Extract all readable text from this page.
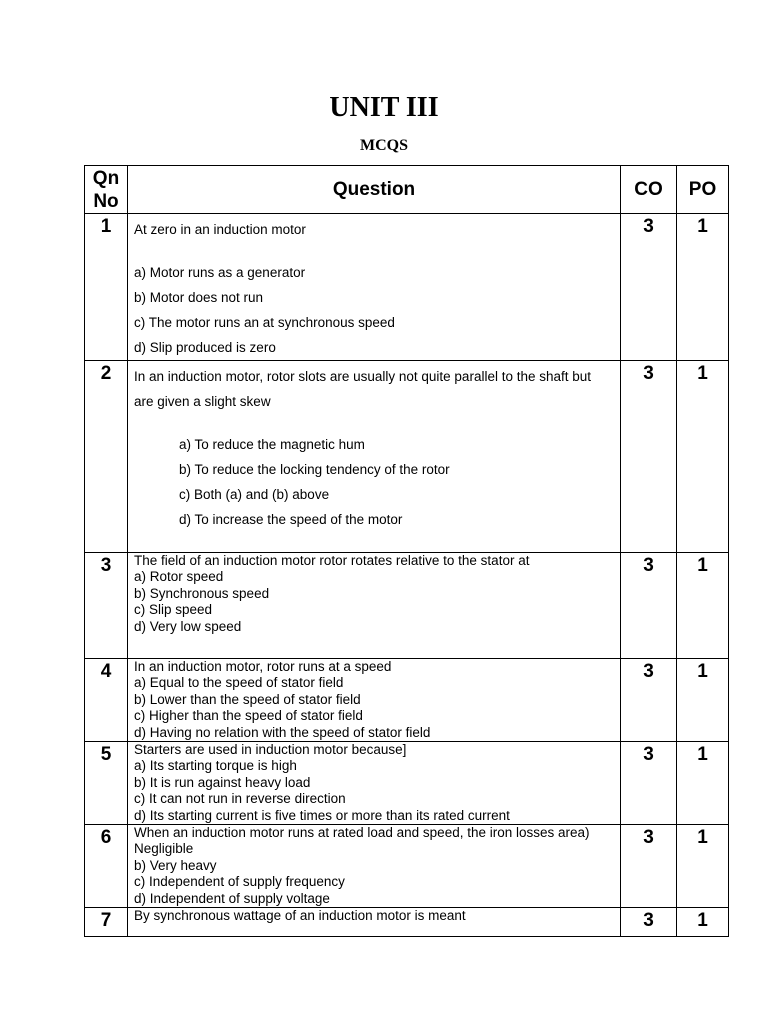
UNIT III
MCQS
Qn
No	Question	CO	PO
1	At zero in an induction motor
a) Motor runs as a generator
b) Motor does not run
c) The motor runs an at synchronous speed
d) Slip produced is zero	3	1
2	In an induction motor, rotor slots are usually not quite parallel to the shaft but are given a slight skew
a) To reduce the magnetic hum
b) To reduce the locking tendency of the rotor
c) Both (a) and (b) above
d) To increase the speed of the motor	3	1
3	The field of an induction motor rotor rotates relative to the stator at
a) Rotor speed
b) Synchronous speed
c) Slip speed
d) Very low speed	3	1
4	In an induction motor, rotor runs at a speed
a) Equal to the speed of stator field
b) Lower than the speed of stator field
c) Higher than the speed of stator field
d) Having no relation with the speed of stator field	3	1
5	Starters are used in induction motor because]
a) Its starting torque is high
b) It is run against heavy load
c) It can not run in reverse direction
d) Its starting current is five times or more than its rated current	3	1
6	When an induction motor runs at rated load and speed, the iron losses area) Negligible
b) Very heavy
c) Independent of supply frequency
d) Independent of supply voltage	3	1
7	By synchronous wattage of an induction motor is meant	3	1
